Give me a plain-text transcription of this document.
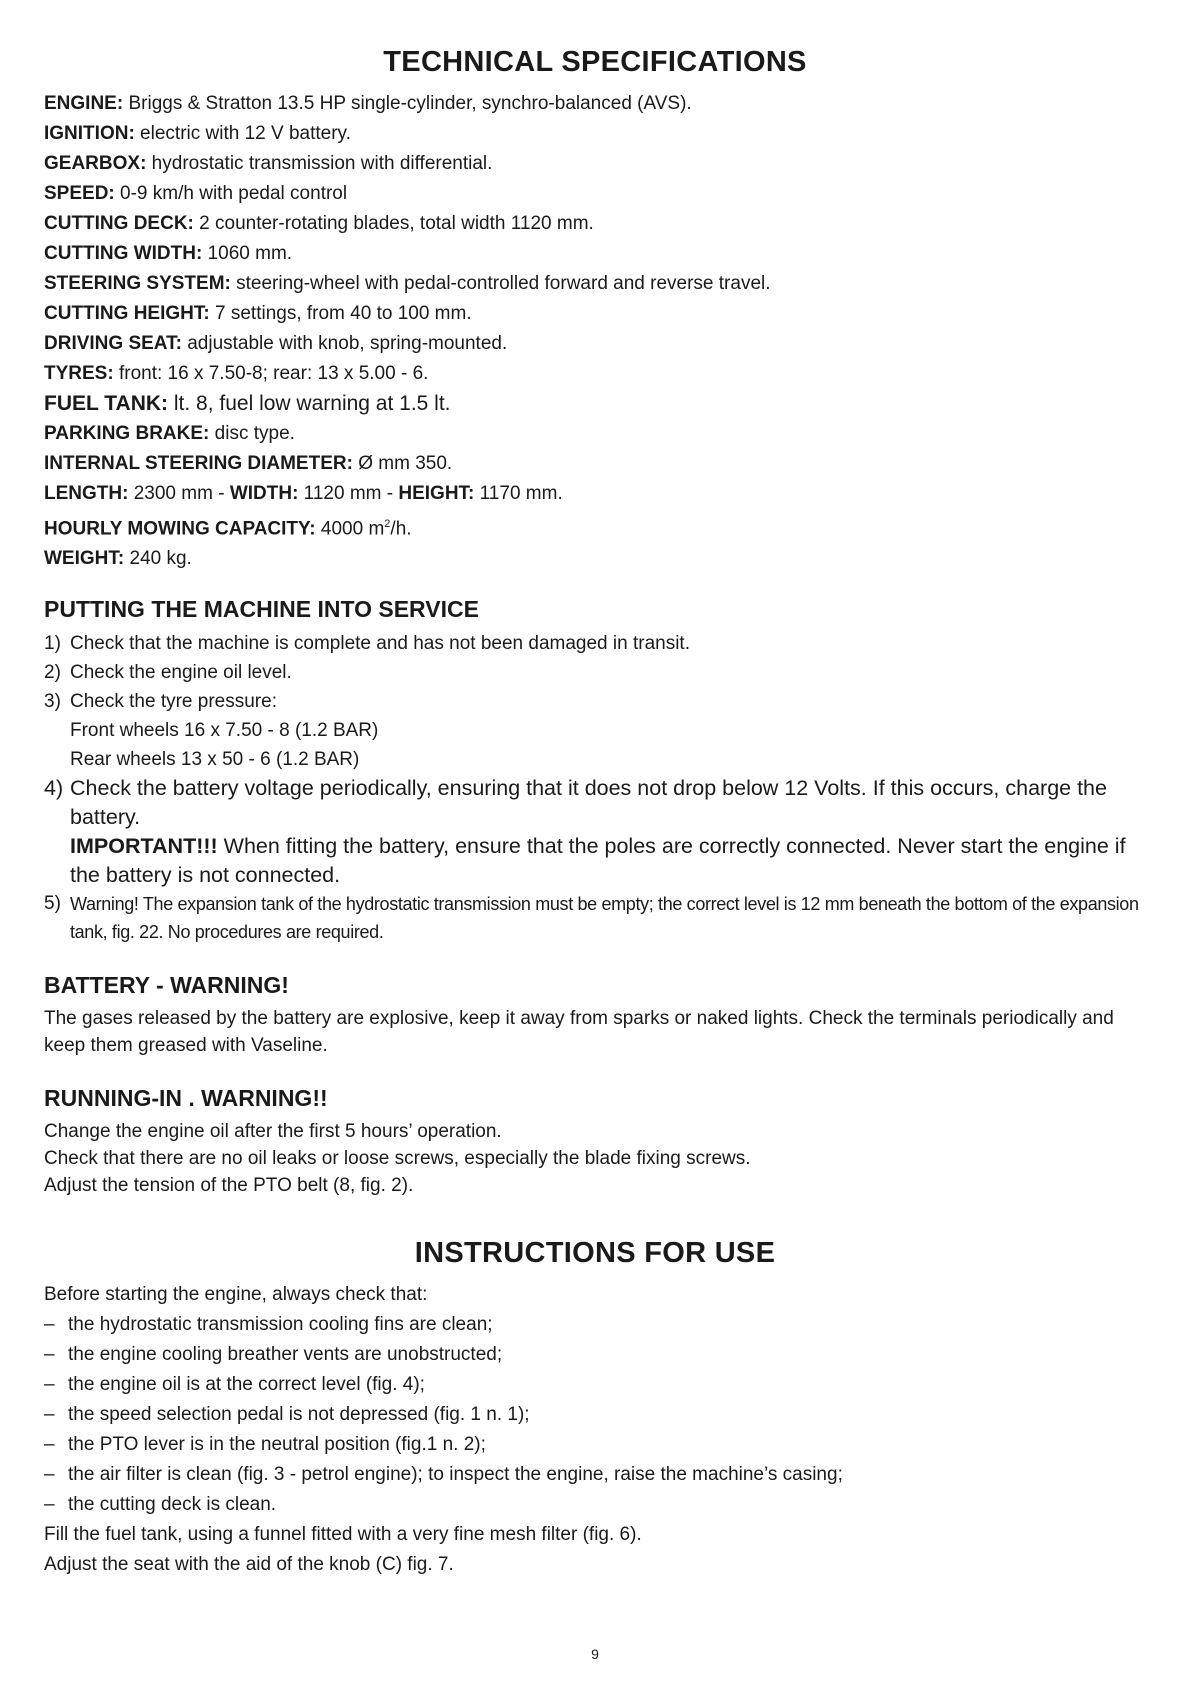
TECHNICAL SPECIFICATIONS
ENGINE: Briggs & Stratton 13.5 HP single-cylinder, synchro-balanced (AVS).
IGNITION: electric with 12 V battery.
GEARBOX: hydrostatic transmission with differential.
SPEED: 0-9 km/h with pedal control
CUTTING DECK: 2 counter-rotating blades, total width 1120 mm.
CUTTING WIDTH: 1060 mm.
STEERING SYSTEM: steering-wheel with pedal-controlled forward and reverse travel.
CUTTING HEIGHT: 7 settings, from 40 to 100 mm.
DRIVING SEAT: adjustable with knob, spring-mounted.
TYRES: front: 16 x 7.50-8; rear: 13 x 5.00 - 6.
FUEL TANK: lt. 8, fuel low warning at 1.5 lt.
PARKING BRAKE: disc type.
INTERNAL STEERING DIAMETER: Ø mm 350.
LENGTH: 2300 mm - WIDTH: 1120 mm - HEIGHT: 1170 mm.
HOURLY MOWING CAPACITY: 4000 $m^2/h$.
WEIGHT: 240 kg.
PUTTING THE MACHINE INTO SERVICE
1) Check that the machine is complete and has not been damaged in transit.
2) Check the engine oil level.
3) Check the tyre pressure:
Front wheels 16 x 7.50 - 8 (1.2 BAR)
Rear wheels 13 x 50 - 6 (1.2 BAR)
4) Check the battery voltage periodically, ensuring that it does not drop below 12 Volts. If this occurs, charge the battery.
IMPORTANT!!! When fitting the battery, ensure that the poles are correctly connected. Never start the engine if the battery is not connected.
5) Warning! The expansion tank of the hydrostatic transmission must be empty; the correct level is 12 mm beneath the bottom of the expansion tank, fig. 22. No procedures are required.
BATTERY - WARNING!
The gases released by the battery are explosive, keep it away from sparks or naked lights. Check the terminals periodically and keep them greased with Vaseline.
RUNNING-IN . WARNING!!
Change the engine oil after the first 5 hours’ operation.
Check that there are no oil leaks or loose screws, especially the blade fixing screws.
Adjust the tension of the PTO belt (8, fig. 2).
INSTRUCTIONS FOR USE
Before starting the engine, always check that:
– the hydrostatic transmission cooling fins are clean;
– the engine cooling breather vents are unobstructed;
– the engine oil is at the correct level (fig. 4);
– the speed selection pedal is not depressed (fig. 1 n. 1);
– the PTO lever is in the neutral position (fig.1 n. 2);
– the air filter is clean (fig. 3 - petrol engine); to inspect the engine, raise the machine’s casing;
– the cutting deck is clean.
Fill the fuel tank, using a funnel fitted with a very fine mesh filter (fig. 6).
Adjust the seat with the aid of the knob (C) fig. 7.
9
